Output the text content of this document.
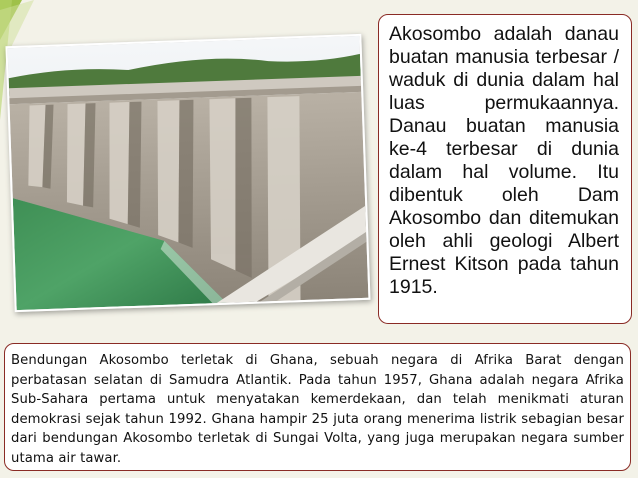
Akosombo adalah danau buatan manusia terbesar / waduk di dunia dalam hal luas permukaannya. Danau buatan manusia ke-4 terbesar di dunia dalam hal volume. Itu dibentuk oleh Dam Akosombo dan ditemukan oleh ahli geologi Albert Ernest Kitson pada tahun 1915.

Bendungan Akosombo terletak di Ghana, sebuah negara di Afrika Barat dengan perbatasan selatan di Samudra Atlantik. Pada tahun 1957, Ghana adalah negara Afrika Sub-Sahara pertama untuk menyatakan kemerdekaan, dan telah menikmati aturan demokrasi sejak tahun 1992. Ghana hampir 25 juta orang menerima listrik sebagian besar dari bendungan Akosombo terletak di Sungai Volta, yang juga merupakan negara sumber utama air tawar.
